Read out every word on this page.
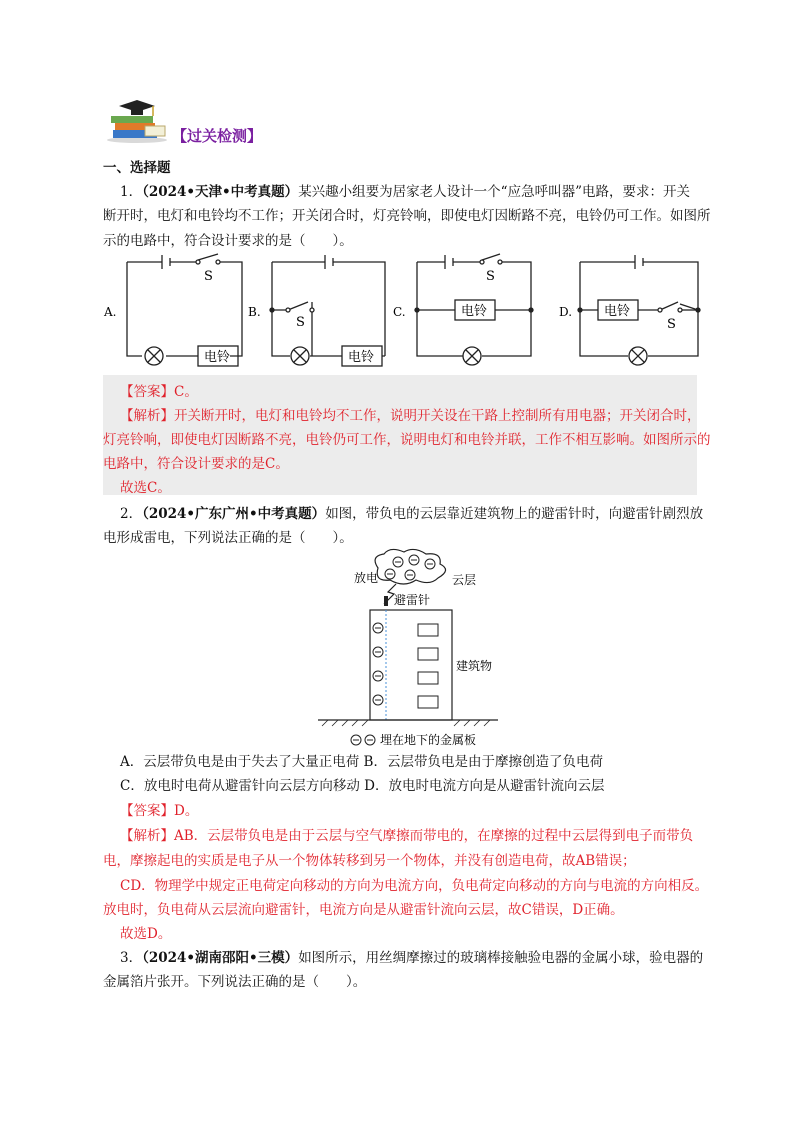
【过关检测】
一、选择题
1．（2024•天津•中考真题）某兴趣小组要为居家老人设计一个“应急呼叫器”电路，要求：开关
断开时，电灯和电铃均不工作；开关闭合时，灯亮铃响，即使电灯因断路不亮，电铃仍可工作。如图所
示的电路中，符合设计要求的是（　　）。
A.	B.	C.	D.
S
S
S
S
电铃	电铃
电铃	电铃
【答案】C。
【解析】开关断开时，电灯和电铃均不工作，说明开关设在干路上控制所有用电器；开关闭合时，
灯亮铃响，即使电灯因断路不亮，电铃仍可工作，说明电灯和电铃并联，工作不相互影响。如图所示的
电路中，符合设计要求的是C。
故选C。
2．（2024•广东广州•中考真题）如图，带负电的云层靠近建筑物上的避雷针时，向避雷针剧烈放
电形成雷电，下列说法正确的是（　　）。
放电	云层
避雷针
建筑物
埋在地下的金属板
A．云层带负电是由于失去了大量正电荷 B．云层带负电是由于摩擦创造了负电荷
C．放电时电荷从避雷针向云层方向移动 D．放电时电流方向是从避雷针流向云层
【答案】D。
【解析】AB．云层带负电是由于云层与空气摩擦而带电的，在摩擦的过程中云层得到电子而带负
电，摩擦起电的实质是电子从一个物体转移到另一个物体，并没有创造电荷，故AB错误；
CD．物理学中规定正电荷定向移动的方向为电流方向，负电荷定向移动的方向与电流的方向相反。
放电时，负电荷从云层流向避雷针，电流方向是从避雷针流向云层，故C错误，D正确。
故选D。
3．（2024•湖南邵阳•三模）如图所示，用丝绸摩擦过的玻璃棒接触验电器的金属小球，验电器的
金属箔片张开。下列说法正确的是（　　）。
